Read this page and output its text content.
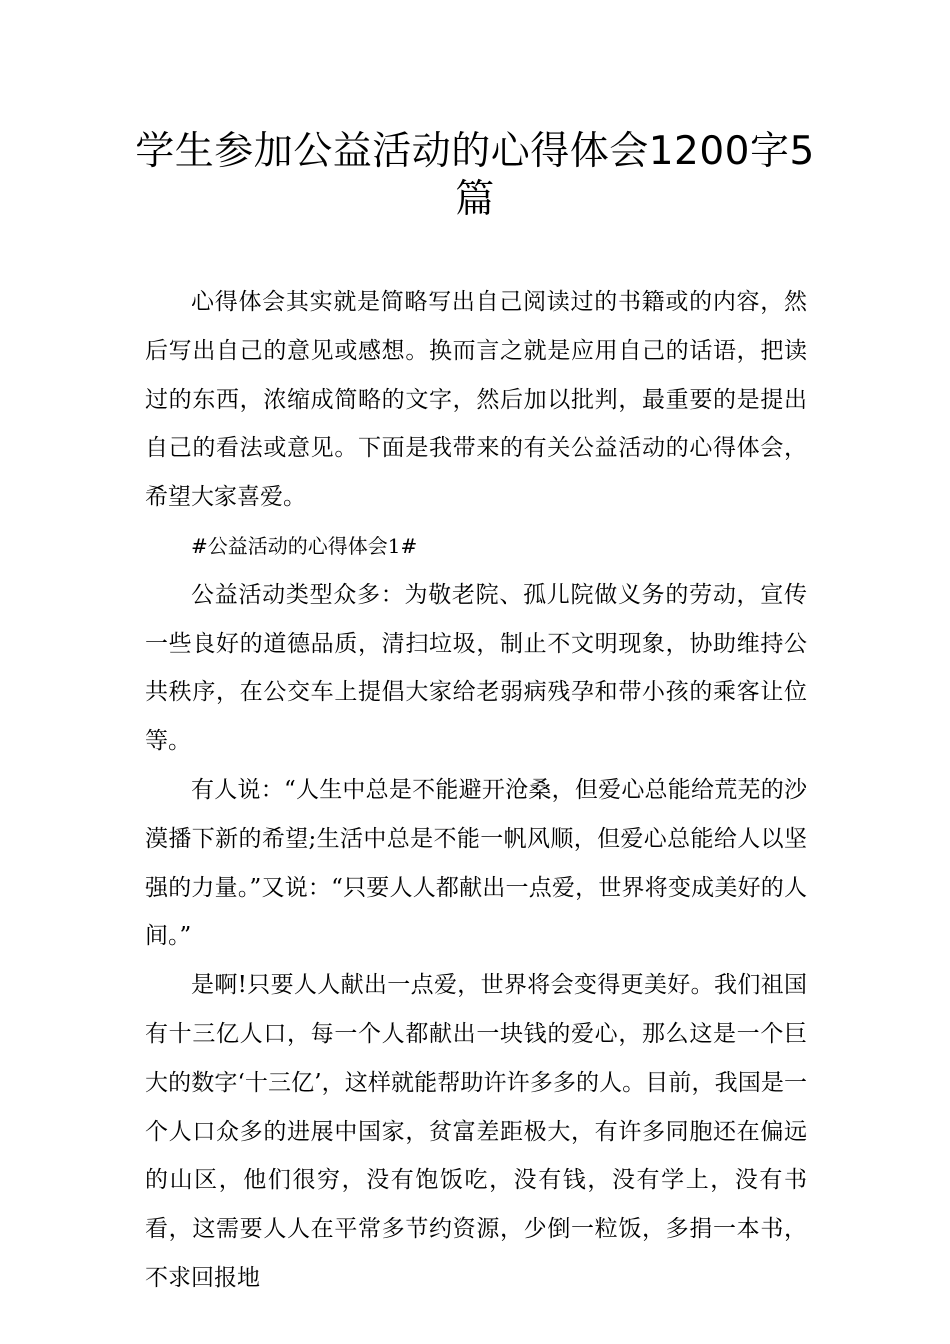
学生参加公益活动的心得体会1200字5篇

心得体会其实就是简略写出自己阅读过的书籍或的内容，然后写出自己的意见或感想。换而言之就是应用自己的话语，把读过的东西，浓缩成简略的文字，然后加以批判，最重要的是提出自己的看法或意见。下面是我带来的有关公益活动的心得体会，希望大家喜爱。

#公益活动的心得体会1#

公益活动类型众多：为敬老院、孤儿院做义务的劳动，宣传一些良好的道德品质，清扫垃圾，制止不文明现象，协助维持公共秩序，在公交车上提倡大家给老弱病残孕和带小孩的乘客让位等。

有人说：“人生中总是不能避开沧桑，但爱心总能给荒芜的沙漠播下新的希望;生活中总是不能一帆风顺，但爱心总能给人以坚强的力量。”又说：“只要人人都献出一点爱，世界将变成美好的人间。”

是啊!只要人人献出一点爱，世界将会变得更美好。我们祖国有十三亿人口，每一个人都献出一块钱的爱心，那么这是一个巨大的数字‘十三亿’，这样就能帮助许许多多的人。目前，我国是一个人口众多的进展中国家，贫富差距极大，有许多同胞还在偏远的山区，他们很穷，没有饱饭吃，没有钱，没有学上，没有书看，这需要人人在平常多节约资源，少倒一粒饭，多捐一本书，不求回报地
